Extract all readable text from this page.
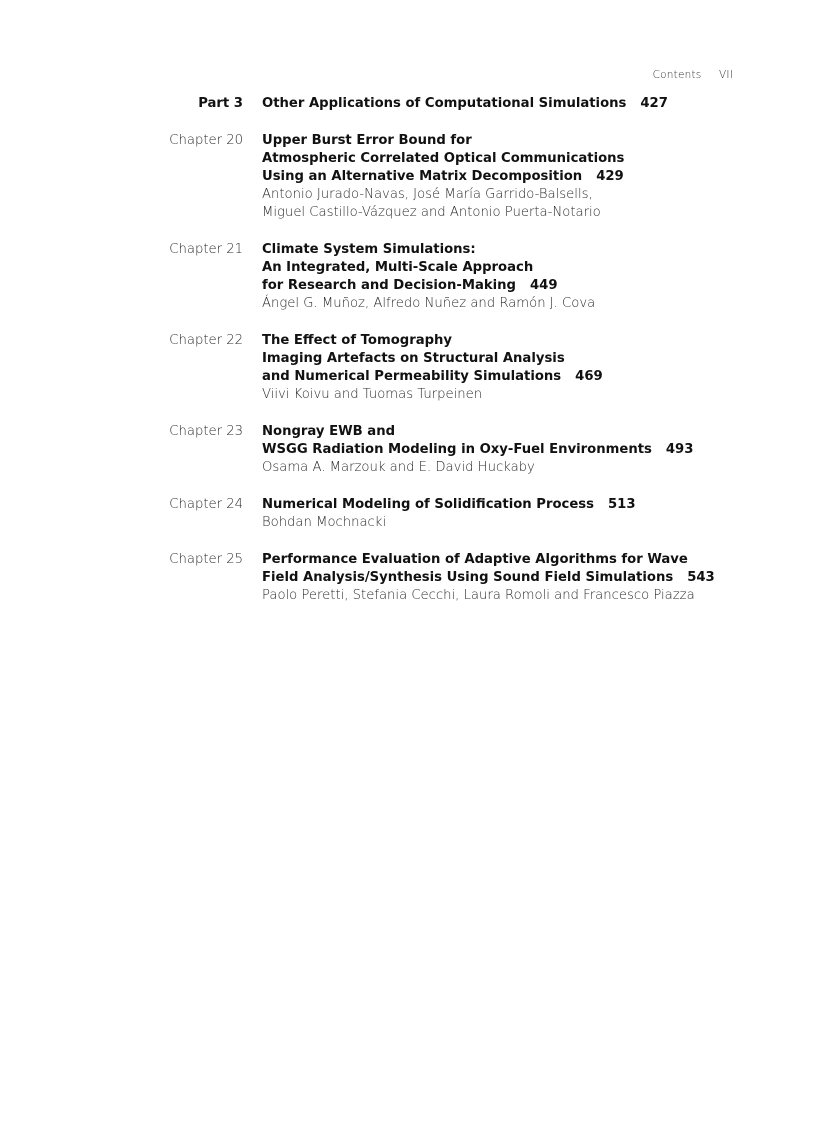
Contents VII
Part 3 Other Applications of Computational Simulations 427
Chapter 20 Upper Burst Error Bound for
Atmospheric Correlated Optical Communications
Using an Alternative Matrix Decomposition 429
Antonio Jurado-Navas, José María Garrido-Balsells,
Miguel Castillo-Vázquez and Antonio Puerta-Notario
Chapter 21 Climate System Simulations:
An Integrated, Multi-Scale Approach
for Research and Decision-Making 449
Ángel G. Muñoz, Alfredo Nuñez and Ramón J. Cova
Chapter 22 The Effect of Tomography
Imaging Artefacts on Structural Analysis
and Numerical Permeability Simulations 469
Viivi Koivu and Tuomas Turpeinen
Chapter 23 Nongray EWB and
WSGG Radiation Modeling in Oxy-Fuel Environments 493
Osama A. Marzouk and E. David Huckaby
Chapter 24 Numerical Modeling of Solidification Process 513
Bohdan Mochnacki
Chapter 25 Performance Evaluation of Adaptive Algorithms for Wave
Field Analysis/Synthesis Using Sound Field Simulations 543
Paolo Peretti, Stefania Cecchi, Laura Romoli and Francesco Piazza
